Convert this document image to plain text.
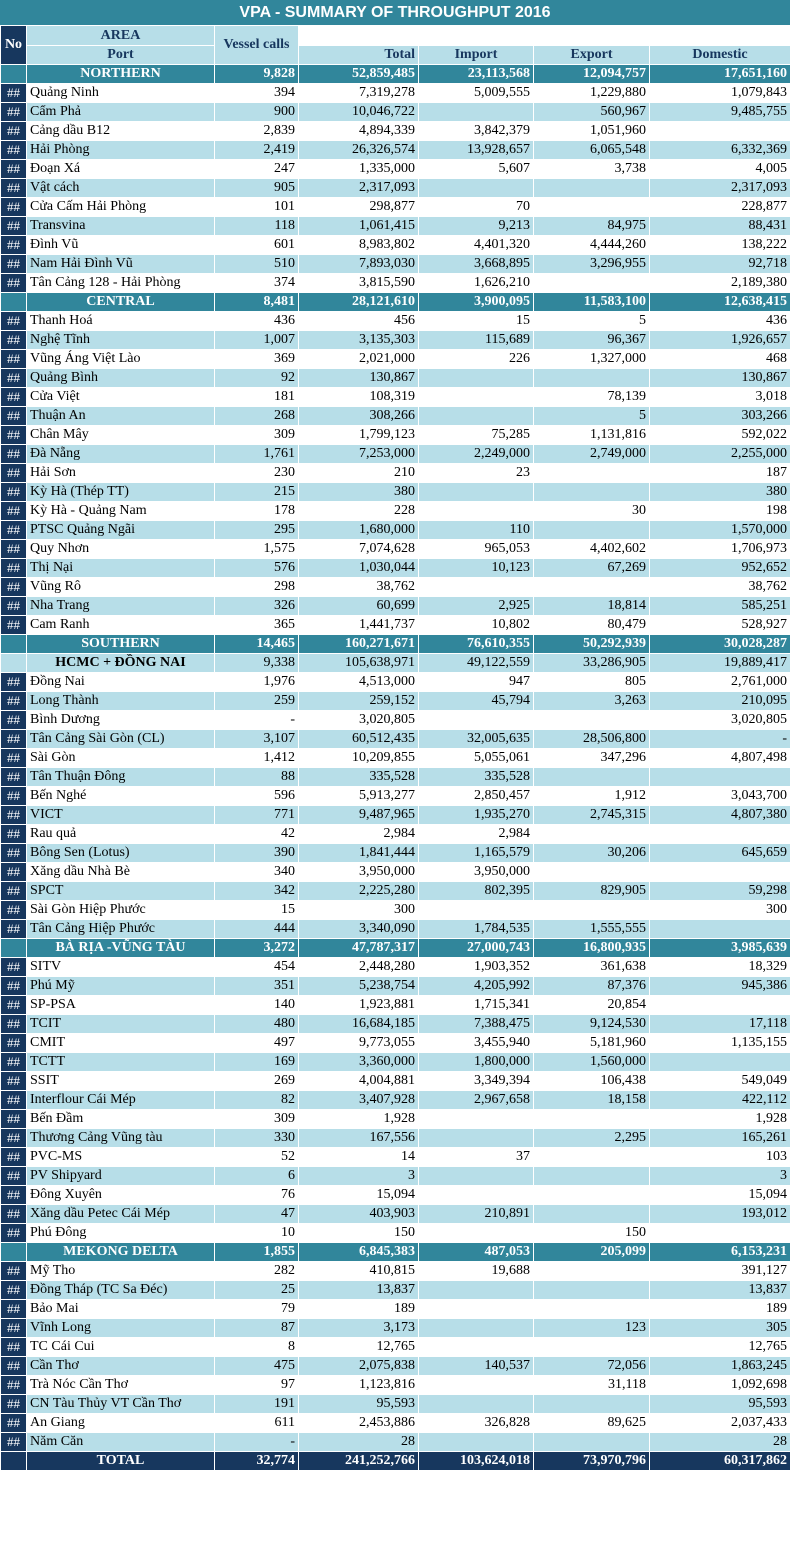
VPA - SUMMARY OF THROUGHPUT 2016
No	AREA	Vessel calls				
	Port		Total	Import	Export	Domestic
	NORTHERN	9,828	52,859,485	23,113,568	12,094,757	17,651,160
##	Quảng Ninh	394	7,319,278	5,009,555	1,229,880	1,079,843
##	Cẩm Phả	900	10,046,722		560,967	9,485,755
##	Cảng dầu B12	2,839	4,894,339	3,842,379	1,051,960	
##	Hải Phòng	2,419	26,326,574	13,928,657	6,065,548	6,332,369
##	Đoạn Xá	247	1,335,000	5,607	3,738	4,005
##	Vật cách	905	2,317,093			2,317,093
##	Cửa Cấm Hải Phòng	101	298,877	70		228,877
##	Transvina	118	1,061,415	9,213	84,975	88,431
##	Đình Vũ	601	8,983,802	4,401,320	4,444,260	138,222
##	Nam Hải Đình Vũ	510	7,893,030	3,668,895	3,296,955	92,718
##	Tân Cảng 128 - Hải Phòng	374	3,815,590	1,626,210		2,189,380
	CENTRAL	8,481	28,121,610	3,900,095	11,583,100	12,638,415
##	Thanh Hoá	436	456	15	5	436
##	Nghệ Tĩnh	1,007	3,135,303	115,689	96,367	1,926,657
##	Vũng Áng Việt Lào	369	2,021,000	226	1,327,000	468
##	Quảng Bình	92	130,867			130,867
##	Cửa Việt	181	108,319		78,139	3,018
##	Thuận An	268	308,266		5	303,266
##	Chân Mây	309	1,799,123	75,285	1,131,816	592,022
##	Đà Nẵng	1,761	7,253,000	2,249,000	2,749,000	2,255,000
##	Hải Sơn	230	210	23		187
##	Kỳ Hà (Thép TT)	215	380			380
##	Kỳ Hà - Quảng Nam	178	228		30	198
##	PTSC Quảng Ngãi	295	1,680,000	110		1,570,000
##	Quy Nhơn	1,575	7,074,628	965,053	4,402,602	1,706,973
##	Thị Nại	576	1,030,044	10,123	67,269	952,652
##	Vũng Rô	298	38,762			38,762
##	Nha Trang	326	60,699	2,925	18,814	585,251
##	Cam Ranh	365	1,441,737	10,802	80,479	528,927
	SOUTHERN	14,465	160,271,671	76,610,355	50,292,939	30,028,287
	HCMC + ĐỒNG NAI	9,338	105,638,971	49,122,559	33,286,905	19,889,417
##	Đồng Nai	1,976	4,513,000	947	805	2,761,000
##	Long Thành	259	259,152	45,794	3,263	210,095
##	Bình Dương	-	3,020,805			3,020,805
##	Tân Cảng Sài Gòn (CL)	3,107	60,512,435	32,005,635	28,506,800	-
##	Sài Gòn	1,412	10,209,855	5,055,061	347,296	4,807,498
##	Tân Thuận Đông	88	335,528	335,528		
##	Bến Nghé	596	5,913,277	2,850,457	1,912	3,043,700
##	VICT	771	9,487,965	1,935,270	2,745,315	4,807,380
##	Rau quả	42	2,984	2,984		
##	Bông Sen (Lotus)	390	1,841,444	1,165,579	30,206	645,659
##	Xăng dầu Nhà Bè	340	3,950,000	3,950,000		
##	SPCT	342	2,225,280	802,395	829,905	59,298
##	Sài Gòn Hiệp Phước	15	300			300
##	Tân Cảng Hiệp Phước	444	3,340,090	1,784,535	1,555,555	
	BÀ RỊA -VŨNG TÀU	3,272	47,787,317	27,000,743	16,800,935	3,985,639
##	SITV	454	2,448,280	1,903,352	361,638	18,329
##	Phú Mỹ	351	5,238,754	4,205,992	87,376	945,386
##	SP-PSA	140	1,923,881	1,715,341	20,854	
##	TCIT	480	16,684,185	7,388,475	9,124,530	17,118
##	CMIT	497	9,773,055	3,455,940	5,181,960	1,135,155
##	TCTT	169	3,360,000	1,800,000	1,560,000	
##	SSIT	269	4,004,881	3,349,394	106,438	549,049
##	Interflour Cái Mép	82	3,407,928	2,967,658	18,158	422,112
##	Bến Đầm	309	1,928			1,928
##	Thương Cảng Vũng tàu	330	167,556		2,295	165,261
##	PVC-MS	52	14	37		103
##	PV Shipyard	6	3			3
##	Đông Xuyên	76	15,094			15,094
##	Xăng dầu Petec Cái Mép	47	403,903	210,891		193,012
##	Phú Đông	10	150		150	
	MEKONG DELTA	1,855	6,845,383	487,053	205,099	6,153,231
##	Mỹ Tho	282	410,815	19,688		391,127
##	Đồng Tháp (TC Sa Đéc)	25	13,837			13,837
##	Bảo Mai	79	189			189
##	Vĩnh Long	87	3,173		123	305
##	TC Cái Cui	8	12,765			12,765
##	Cần Thơ	475	2,075,838	140,537	72,056	1,863,245
##	Trà Nóc Cần Thơ	97	1,123,816		31,118	1,092,698
##	CN Tàu Thủy VT Cần Thơ	191	95,593			95,593
##	An Giang	611	2,453,886	326,828	89,625	2,037,433
##	Năm Căn	-	28			28
	TOTAL	32,774	241,252,766	103,624,018	73,970,796	60,317,862
